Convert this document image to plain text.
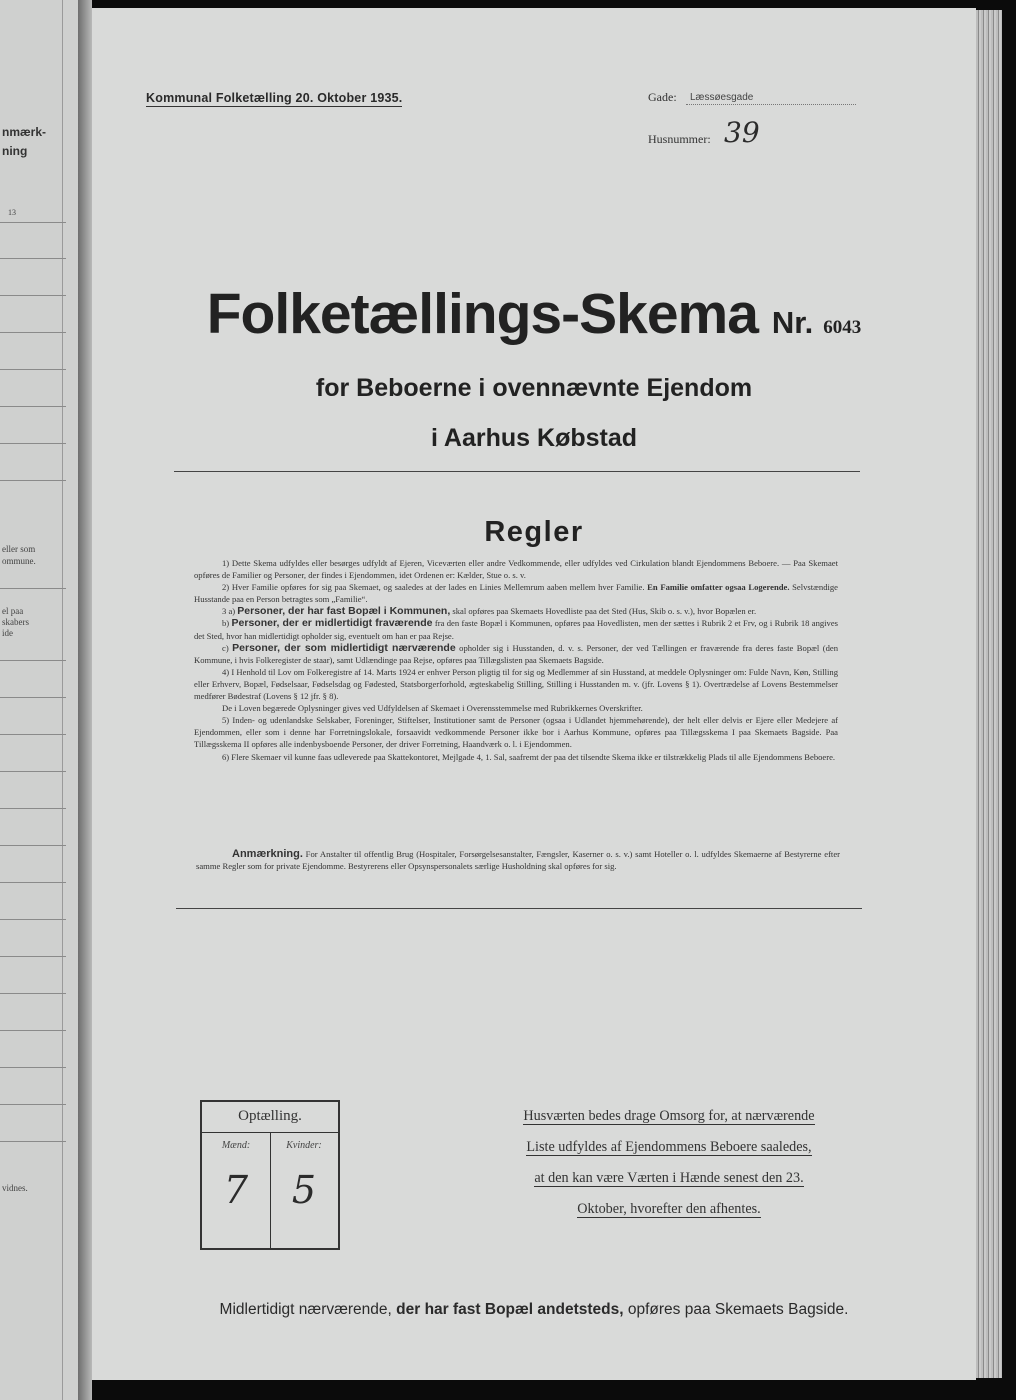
nmærk-
ning
13
eller som
ommune.
el paa
skabers
ide
vidnes.
Kommunal Folketælling 20. Oktober 1935.	Gade: Læssøesgade
Husnummer: 39
Folketællings-Skema Nr. 6043
for Beboerne i ovennævnte Ejendom
i Aarhus Købstad
Regler

1) Dette Skema udfyldes eller besørges udfyldt af Ejeren, Viceværten eller andre Vedkommende, eller udfyldes ved Cirkulation blandt Ejendommens Beboere. — Paa Skemaet opføres de Familier og Personer, der findes i Ejendommen, idet Ordenen er: Kælder, Stue o. s. v.

2) Hver Familie opføres for sig paa Skemaet, og saaledes at der lades en Linies Mellemrum aaben mellem hver Familie. En Familie omfatter ogsaa Logerende. Selvstændige Husstande paa en Person betragtes som „Familie“.

3 a) Personer, der har fast Bopæl i Kommunen, skal opføres paa Skemaets Hovedliste paa det Sted (Hus, Skib o. s. v.), hvor Bopælen er.

b) Personer, der er midlertidigt fraværende fra den faste Bopæl i Kommunen, opføres paa Hovedlisten, men der sættes i Rubrik 2 et Frv, og i Rubrik 18 angives det Sted, hvor han midlertidigt opholder sig, eventuelt om han er paa Rejse.

c) Personer, der som midlertidigt nærværende opholder sig i Husstanden, d. v. s. Personer, der ved Tællingen er fraværende fra deres faste Bopæl (den Kommune, i hvis Folkeregister de staar), samt Udlændinge paa Rejse, opføres paa Tillægslisten paa Skemaets Bagside.

4) I Henhold til Lov om Folkeregistre af 14. Marts 1924 er enhver Person pligtig til for sig og Medlemmer af sin Husstand, at meddele Oplysninger om: Fulde Navn, Køn, Stilling eller Erhverv, Bopæl, Fødselsaar, Fødselsdag og Fødested, Statsborgerforhold, ægteskabelig Stilling, Stilling i Husstanden m. v. (jfr. Lovens § 1). Overtrædelse af Lovens Bestemmelser medfører Bødestraf (Lovens § 12 jfr. § 8).

De i Loven begærede Oplysninger gives ved Udfyldelsen af Skemaet i Overensstemmelse med Rubrikkernes Overskrifter.

5) Inden- og udenlandske Selskaber, Foreninger, Stiftelser, Institutioner samt de Personer (ogsaa i Udlandet hjemmehørende), der helt eller delvis er Ejere eller Medejere af Ejendommen, eller som i denne har Forretningslokale, forsaavidt vedkommende Personer ikke bor i Aarhus Kommune, opføres paa Tillægsskema I paa Skemaets Bagside. Paa Tillægsskema II opføres alle indenbysboende Personer, der driver Forretning, Haandværk o. l. i Ejendommen.

6) Flere Skemaer vil kunne faas udleverede paa Skattekontoret, Mejlgade 4, 1. Sal, saafremt der paa det tilsendte Skema ikke er tilstrækkelig Plads til alle Ejendommens Beboere.

Anmærkning. For Anstalter til offentlig Brug (Hospitaler, Forsørgelsesanstalter, Fængsler, Kaserner o. s. v.) samt Hoteller o. l. udfyldes Skemaerne af Bestyrerne efter samme Regler som for private Ejendomme. Bestyrerens eller Opsynspersonalets særlige Husholdning skal opføres for sig.
Optælling.
Mænd:	Kvinder:
7	5
Husværten bedes drage Omsorg for, at nærværende
Liste udfyldes af Ejendommens Beboere saaledes,
at den kan være Værten i Hænde senest den 23.
Oktober, hvorefter den afhentes.
Midlertidigt nærværende, der har fast Bopæl andetsteds, opføres paa Skemaets Bagside.
